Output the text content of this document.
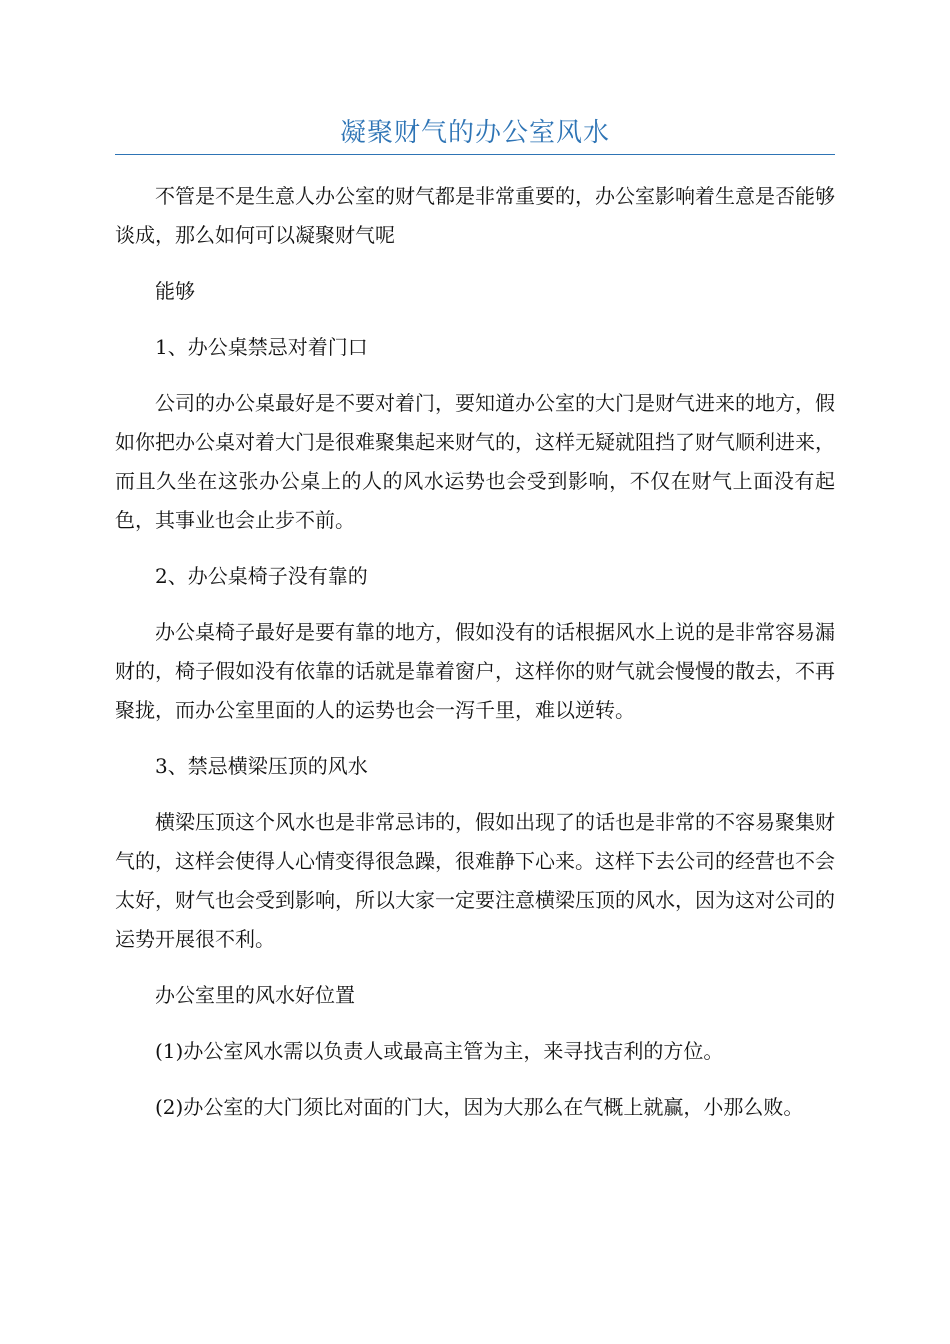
凝聚财气的办公室风水

不管是不是生意人办公室的财气都是非常重要的，办公室影响着生意是否能够谈成，那么如何可以凝聚财气呢

能够

1、办公桌禁忌对着门口

公司的办公桌最好是不要对着门，要知道办公室的大门是财气进来的地方，假如你把办公桌对着大门是很难聚集起来财气的，这样无疑就阻挡了财气顺利进来，而且久坐在这张办公桌上的人的风水运势也会受到影响，不仅在财气上面没有起色，其事业也会止步不前。

2、办公桌椅子没有靠的

办公桌椅子最好是要有靠的地方，假如没有的话根据风水上说的是非常容易漏财的，椅子假如没有依靠的话就是靠着窗户，这样你的财气就会慢慢的散去，不再聚拢，而办公室里面的人的运势也会一泻千里，难以逆转。

3、禁忌横梁压顶的风水

横梁压顶这个风水也是非常忌讳的，假如出现了的话也是非常的不容易聚集财气的，这样会使得人心情变得很急躁，很难静下心来。这样下去公司的经营也不会太好，财气也会受到影响，所以大家一定要注意横梁压顶的风水，因为这对公司的运势开展很不利。

办公室里的风水好位置

(1)办公室风水需以负责人或最高主管为主，来寻找吉利的方位。

(2)办公室的大门须比对面的门大，因为大那么在气概上就赢，小那么败。
